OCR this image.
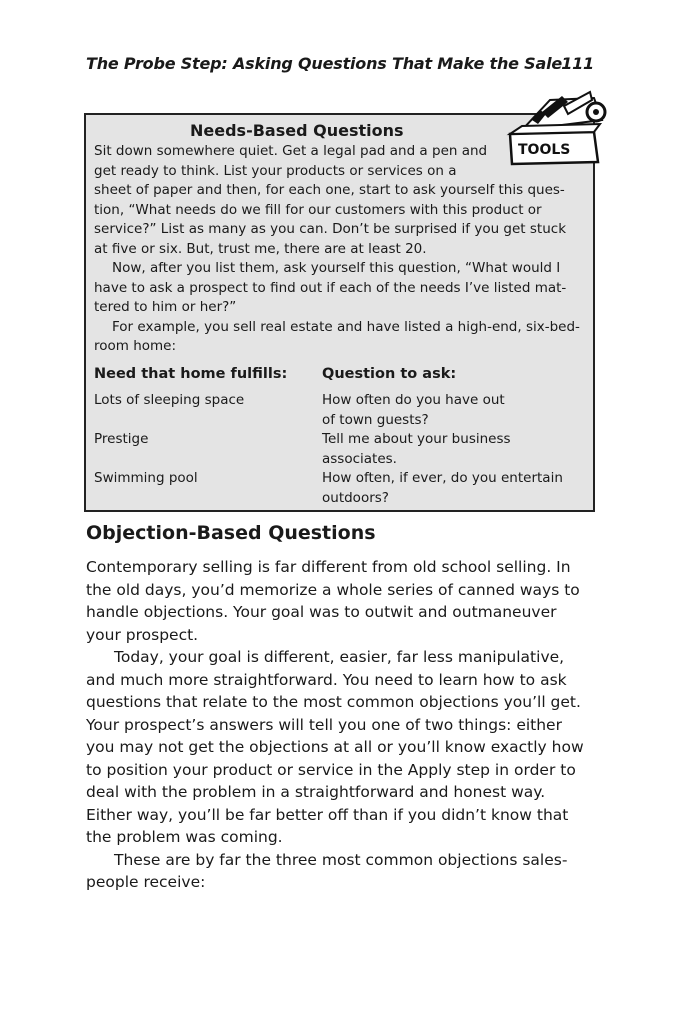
The Probe Step: Asking Questions That Make the Sale 111
Needs-Based Questions
Sit down somewhere quiet. Get a legal pad and a pen and
get ready to think. List your products or services on a
sheet of paper and then, for each one, start to ask yourself this ques-
tion, “What needs do we fill for our customers with this product or
service?” List as many as you can. Don’t be surprised if you get stuck
at five or six. But, trust me, there are at least 20.
Now, after you list them, ask yourself this question, “What would I
have to ask a prospect to find out if each of the needs I’ve listed mat-
tered to him or her?”
For example, you sell real estate and have listed a high-end, six-bed-
room home:
Need that home fulfills: Question to ask:
Lots of sleeping space	How often do you have out
of town guests?
Prestige	Tell me about your business
associates.
Swimming pool	How often, if ever, do you entertain
outdoors?
TOOLS
Objection-Based Questions
Contemporary selling is far different from old school selling. In
the old days, you’d memorize a whole series of canned ways to
handle objections. Your goal was to outwit and outmaneuver
your prospect.
Today, your goal is different, easier, far less manipulative,
and much more straightforward. You need to learn how to ask
questions that relate to the most common objections you’ll get.
Your prospect’s answers will tell you one of two things: either
you may not get the objections at all or you’ll know exactly how
to position your product or service in the Apply step in order to
deal with the problem in a straightforward and honest way.
Either way, you’ll be far better off than if you didn’t know that
the problem was coming.
These are by far the three most common objections sales-
people receive:
